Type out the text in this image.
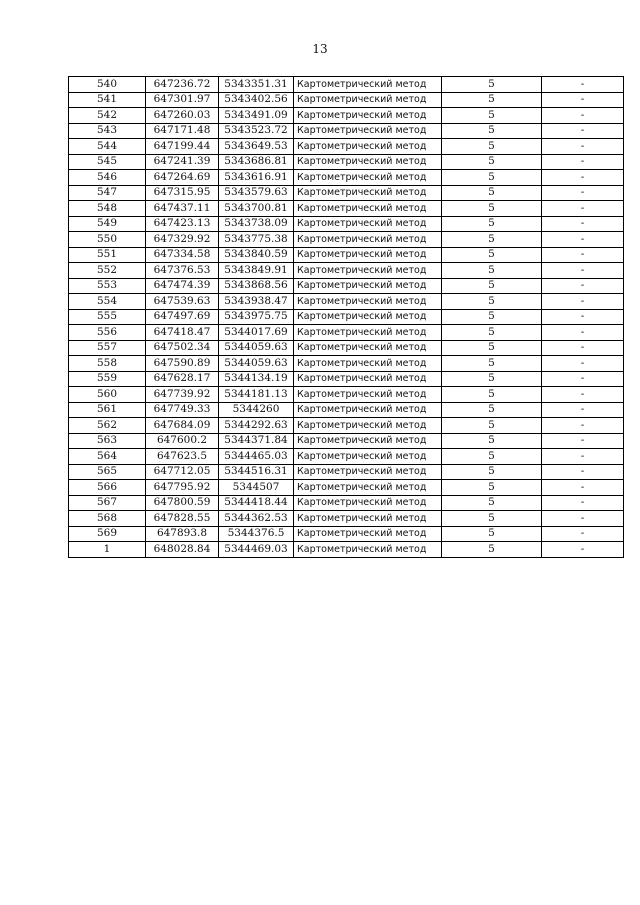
13
540	647236.72	5343351.31	Картометрический метод	5	-
541	647301.97	5343402.56	Картометрический метод	5	-
542	647260.03	5343491.09	Картометрический метод	5	-
543	647171.48	5343523.72	Картометрический метод	5	-
544	647199.44	5343649.53	Картометрический метод	5	-
545	647241.39	5343686.81	Картометрический метод	5	-
546	647264.69	5343616.91	Картометрический метод	5	-
547	647315.95	5343579.63	Картометрический метод	5	-
548	647437.11	5343700.81	Картометрический метод	5	-
549	647423.13	5343738.09	Картометрический метод	5	-
550	647329.92	5343775.38	Картометрический метод	5	-
551	647334.58	5343840.59	Картометрический метод	5	-
552	647376.53	5343849.91	Картометрический метод	5	-
553	647474.39	5343868.56	Картометрический метод	5	-
554	647539.63	5343938.47	Картометрический метод	5	-
555	647497.69	5343975.75	Картометрический метод	5	-
556	647418.47	5344017.69	Картометрический метод	5	-
557	647502.34	5344059.63	Картометрический метод	5	-
558	647590.89	5344059.63	Картометрический метод	5	-
559	647628.17	5344134.19	Картометрический метод	5	-
560	647739.92	5344181.13	Картометрический метод	5	-
561	647749.33	5344260	Картометрический метод	5	-
562	647684.09	5344292.63	Картометрический метод	5	-
563	647600.2	5344371.84	Картометрический метод	5	-
564	647623.5	5344465.03	Картометрический метод	5	-
565	647712.05	5344516.31	Картометрический метод	5	-
566	647795.92	5344507	Картометрический метод	5	-
567	647800.59	5344418.44	Картометрический метод	5	-
568	647828.55	5344362.53	Картометрический метод	5	-
569	647893.8	5344376.5	Картометрический метод	5	-
1	648028.84	5344469.03	Картометрический метод	5	-
